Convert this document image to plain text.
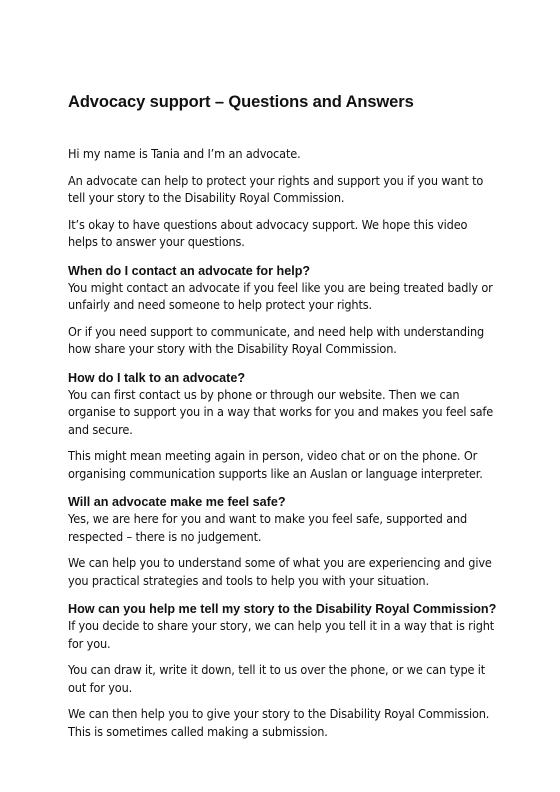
Advocacy support – Questions and Answers

Hi my name is Tania and I’m an advocate.

An advocate can help to protect your rights and support you if you want to tell your story to the Disability Royal Commission.

It’s okay to have questions about advocacy support. We hope this video helps to answer your questions.

When do I contact an advocate for help?

You might contact an advocate if you feel like you are being treated badly or unfairly and need someone to help protect your rights.

Or if you need support to communicate, and need help with understanding how share your story with the Disability Royal Commission.

How do I talk to an advocate?

You can first contact us by phone or through our website. Then we can organise to support you in a way that works for you and makes you feel safe and secure.

This might mean meeting again in person, video chat or on the phone. Or organising communication supports like an Auslan or language interpreter.

Will an advocate make me feel safe?

Yes, we are here for you and want to make you feel safe, supported and respected – there is no judgement.

We can help you to understand some of what you are experiencing and give you practical strategies and tools to help you with your situation.

How can you help me tell my story to the Disability Royal Commission?

If you decide to share your story, we can help you tell it in a way that is right for you.

You can draw it, write it down, tell it to us over the phone, or we can type it out for you.

We can then help you to give your story to the Disability Royal Commission. This is sometimes called making a submission.
